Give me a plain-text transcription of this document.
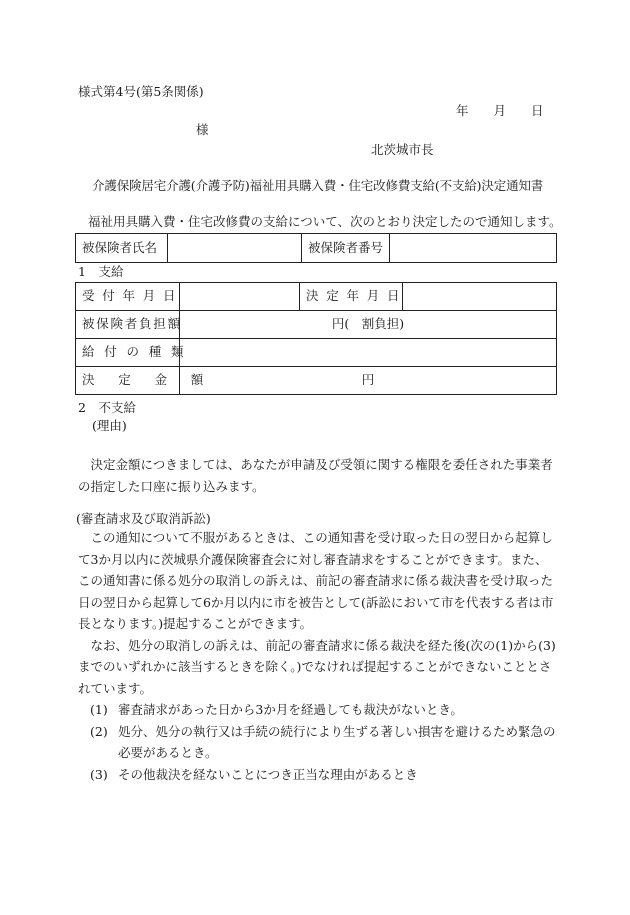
様式第4号(第5条関係)
年　　月　　日
様
北茨城市長
介護保険居宅介護(介護予防)福祉用具購入費・住宅改修費支給(不支給)決定通知書
福祉用具購入費・住宅改修費の支給について、次のとおり決定したので通知します。
被保険者氏名		被保険者番号	
1　支給
受付年月日		決定年月日	
被保険者負担額	円(　割負担)		
給付の種類			
決定金額	円		
2　不支給
(理由)
決定金額につきましては、あなたが申請及び受領に関する権限を委任された事業者の指定した口座に振り込みます。
(審査請求及び取消訴訟)

この通知について不服があるときは、この通知書を受け取った日の翌日から起算して3か月以内に茨城県介護保険審査会に対し審査請求をすることができます。また、この通知書に係る処分の取消しの訴えは、前記の審査請求に係る裁決書を受け取った日の翌日から起算して6か月以内に市を被告として(訴訟において市を代表する者は市長となります。)提起することができます。

なお、処分の取消しの訴えは、前記の審査請求に係る裁決を経た後(次の(1)から(3)までのいずれかに該当するときを除く。)でなければ提起することができないこととされています。

(1) 審査請求があった日から3か月を経過しても裁決がないとき。
(2) 処分、処分の執行又は手続の続行により生ずる著しい損害を避けるため緊急の必要があるとき。
(3) その他裁決を経ないことにつき正当な理由があるとき
